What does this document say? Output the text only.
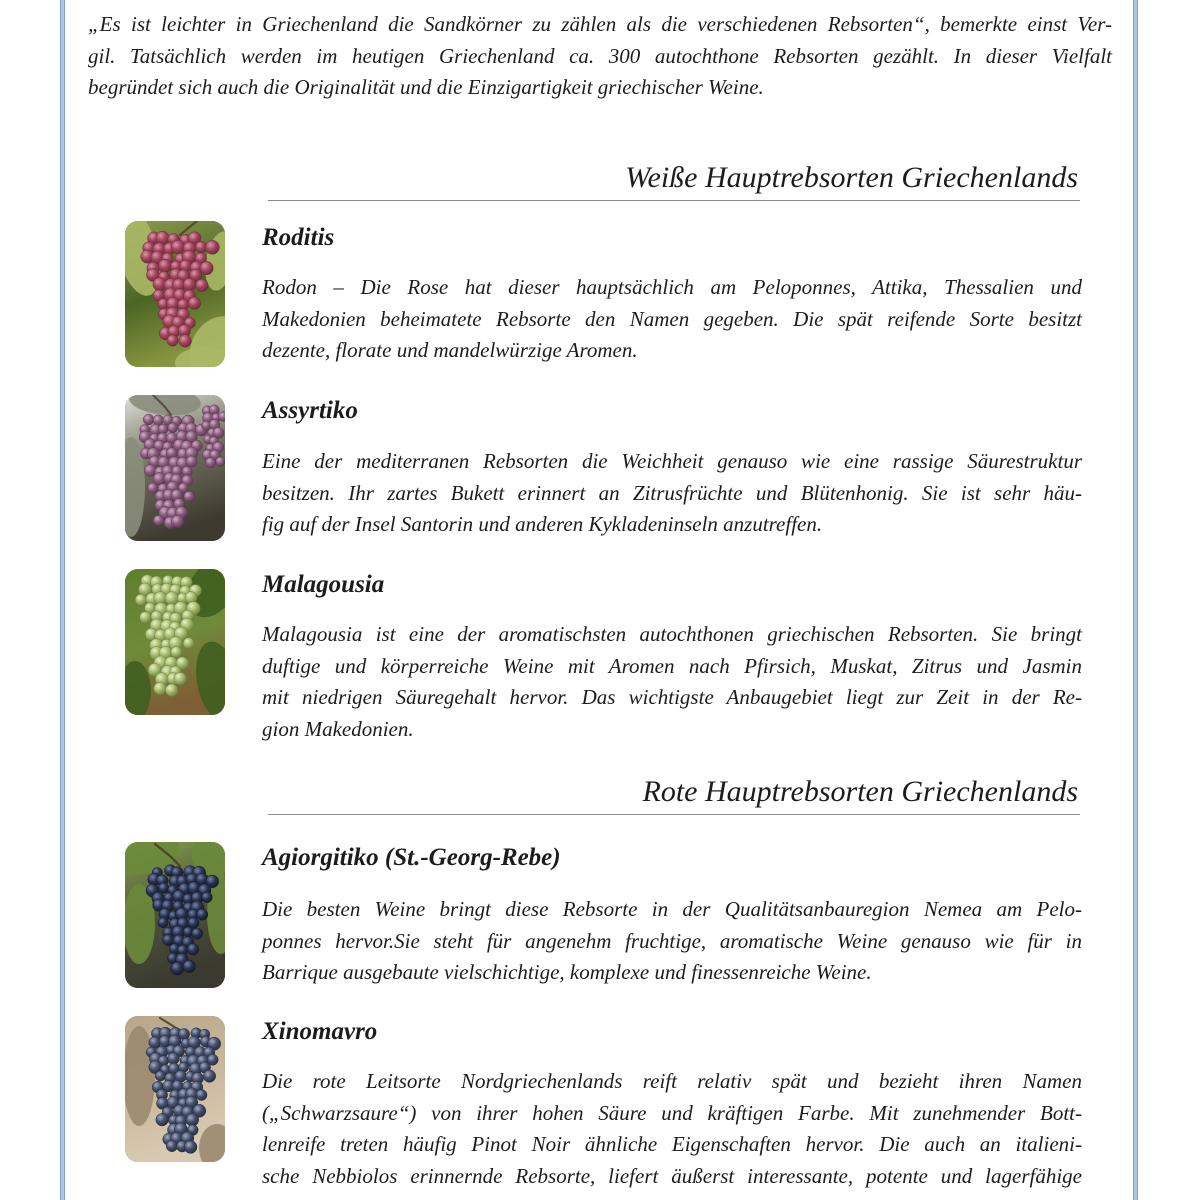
„Es ist leichter in Griechenland die Sandkörner zu zählen als die verschiedenen Rebsorten“, bemerkte einst Ver-
gil. Tatsächlich werden im heutigen Griechenland ca. 300 autochthone Rebsorten gezählt. In dieser Vielfalt
begründet sich auch die Originalität und die Einzigartigkeit griechischer Weine.
Weiße Hauptrebsorten Griechenlands
Roditis
Rodon – Die Rose hat dieser hauptsächlich am Peloponnes, Attika, Thessalien und
Makedonien beheimatete Rebsorte den Namen gegeben. Die spät reifende Sorte besitzt
dezente, florate und mandelwürzige Aromen.
Assyrtiko
Eine der mediterranen Rebsorten die Weichheit genauso wie eine rassige Säurestruktur
besitzen. Ihr zartes Bukett erinnert an Zitrusfrüchte und Blütenhonig. Sie ist sehr häu-
fig auf der Insel Santorin und anderen Kykladeninseln anzutreffen.
Malagousia
Malagousia ist eine der aromatischsten autochthonen griechischen Rebsorten. Sie bringt
duftige und körperreiche Weine mit Aromen nach Pfirsich, Muskat, Zitrus und Jasmin
mit niedrigen Säuregehalt hervor. Das wichtigste Anbaugebiet liegt zur Zeit in der Re-
gion Makedonien.
Rote Hauptrebsorten Griechenlands
Agiorgitiko (St.-Georg-Rebe)
Die besten Weine bringt diese Rebsorte in der Qualitätsanbauregion Nemea am Pelo-
ponnes hervor.Sie steht für angenehm fruchtige, aromatische Weine genauso wie für in
Barrique ausgebaute vielschichtige, komplexe und finessenreiche Weine.
Xinomavro
Die rote Leitsorte Nordgriechenlands reift relativ spät und bezieht ihren Namen
(„Schwarzsaure“) von ihrer hohen Säure und kräftigen Farbe. Mit zunehmender Bott-
lenreife treten häufig Pinot Noir ähnliche Eigenschaften hervor. Die auch an italieni-
sche Nebbiolos erinnernde Rebsorte, liefert äußerst interessante, potente und lagerfähige
